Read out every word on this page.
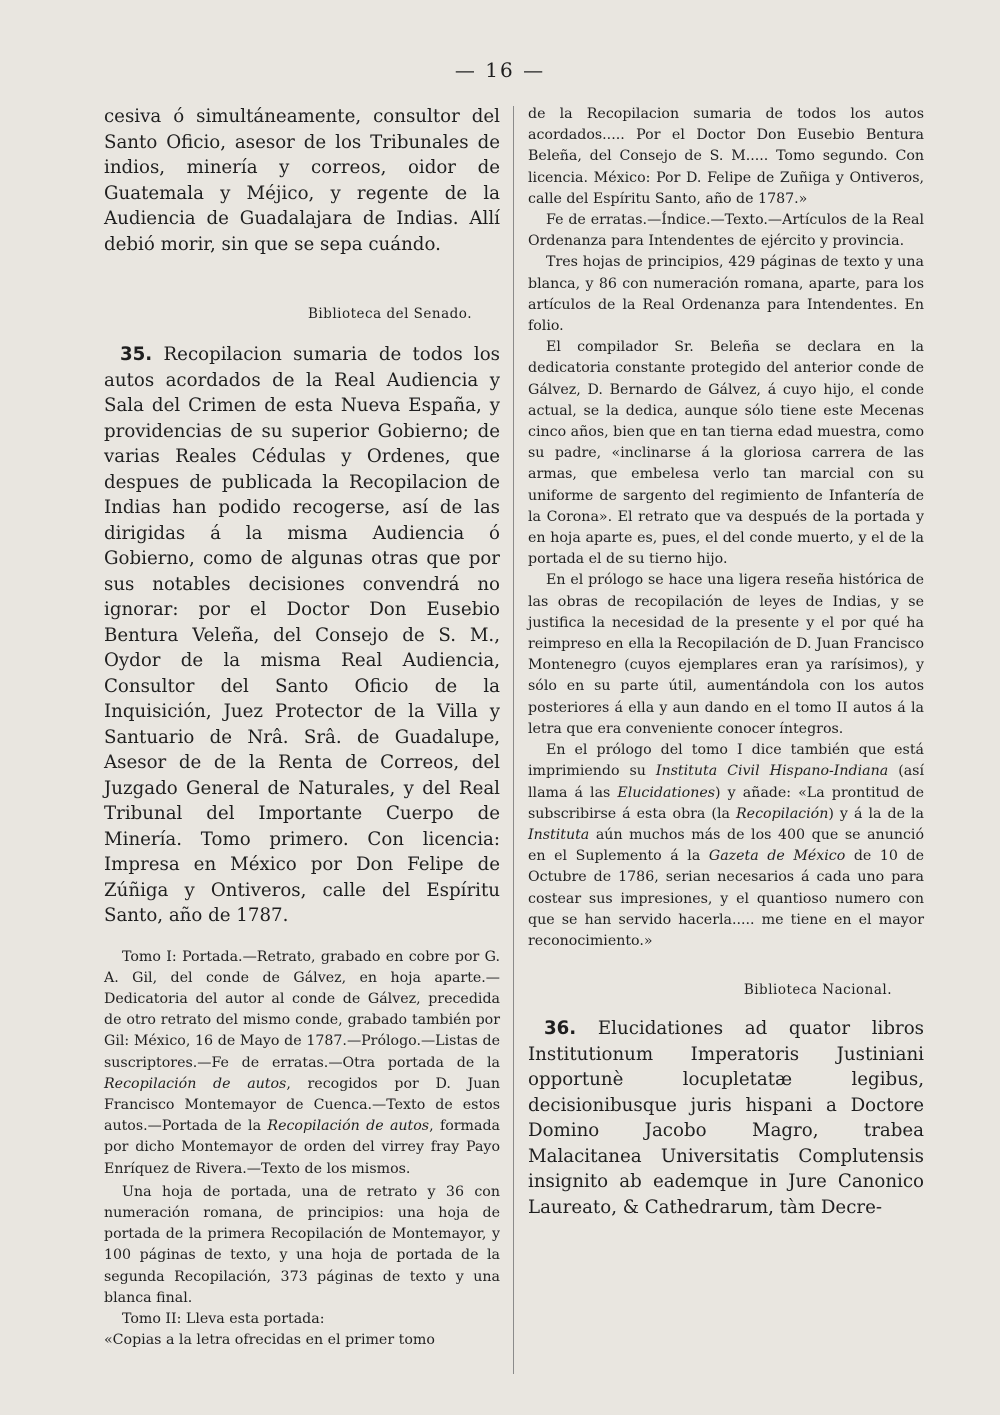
— 16 —

cesiva ó simultáneamente, consultor del Santo Oficio, asesor de los Tribunales de indios, minería y correos, oidor de Guatemala y Méjico, y regente de la Audiencia de Guadalajara de Indias. Allí debió morir, sin que se sepa cuándo.

Biblioteca del Senado.

35. Recopilacion sumaria de todos los autos acordados de la Real Audiencia y Sala del Crimen de esta Nueva España, y providencias de su superior Gobierno; de varias Reales Cédulas y Ordenes, que despues de publicada la Recopilacion de Indias han podido recogerse, así de las dirigidas á la misma Audiencia ó Gobierno, como de algunas otras que por sus notables decisiones convendrá no ignorar: por el Doctor Don Eusebio Bentura Veleña, del Consejo de S. M., Oydor de la misma Real Audiencia, Consultor del Santo Oficio de la Inquisición, Juez Protector de la Villa y Santuario de Nrâ. Srâ. de Guadalupe, Asesor de de la Renta de Correos, del Juzgado General de Naturales, y del Real Tribunal del Importante Cuerpo de Minería. Tomo primero. Con licencia: Impresa en México por Don Felipe de Zúñiga y Ontiveros, calle del Espíritu Santo, año de 1787.

Tomo I: Portada.—Retrato, grabado en cobre por G. A. Gil, del conde de Gálvez, en hoja aparte.—Dedicatoria del autor al conde de Gálvez, precedida de otro retrato del mismo conde, grabado también por Gil: México, 16 de Mayo de 1787.—Prólogo.—Listas de suscriptores.—Fe de erratas.—Otra portada de la Recopilación de autos, recogidos por D. Juan Francisco Montemayor de Cuenca.—Texto de estos autos.—Portada de la Recopilación de autos, formada por dicho Montemayor de orden del virrey fray Payo Enríquez de Rivera.—Texto de los mismos.

Una hoja de portada, una de retrato y 36 con numeración romana, de principios: una hoja de portada de la primera Recopilación de Montemayor, y 100 páginas de texto, y una hoja de portada de la segunda Recopilación, 373 páginas de texto y una blanca final.

Tomo II: Lleva esta portada:

«Copias a la letra ofrecidas en el primer tomo

de la Recopilacion sumaria de todos los autos acordados..... Por el Doctor Don Eusebio Bentura Beleña, del Consejo de S. M..... Tomo segundo. Con licencia. México: Por D. Felipe de Zuñiga y Ontiveros, calle del Espíritu Santo, año de 1787.»

Fe de erratas.—Índice.—Texto.—Artículos de la Real Ordenanza para Intendentes de ejército y provincia.

Tres hojas de principios, 429 páginas de texto y una blanca, y 86 con numeración romana, aparte, para los artículos de la Real Ordenanza para Intendentes. En folio.

El compilador Sr. Beleña se declara en la dedicatoria constante protegido del anterior conde de Gálvez, D. Bernardo de Gálvez, á cuyo hijo, el conde actual, se la dedica, aunque sólo tiene este Mecenas cinco años, bien que en tan tierna edad muestra, como su padre, «inclinarse á la gloriosa carrera de las armas, que embelesa verlo tan marcial con su uniforme de sargento del regimiento de Infantería de la Corona». El retrato que va después de la portada y en hoja aparte es, pues, el del conde muerto, y el de la portada el de su tierno hijo.

En el prólogo se hace una ligera reseña histórica de las obras de recopilación de leyes de Indias, y se justifica la necesidad de la presente y el por qué ha reimpreso en ella la Recopilación de D. Juan Francisco Montenegro (cuyos ejemplares eran ya rarísimos), y sólo en su parte útil, aumentándola con los autos posteriores á ella y aun dando en el tomo II autos á la letra que era conveniente conocer íntegros.

En el prólogo del tomo I dice también que está imprimiendo su Instituta Civil Hispano-Indiana (así llama á las Elucidationes) y añade: «La prontitud de subscribirse á esta obra (la Recopilación) y á la de la Instituta aún muchos más de los 400 que se anunció en el Suplemento á la Gazeta de México de 10 de Octubre de 1786, serian necesarios á cada uno para costear sus impresiones, y el quantioso numero con que se han servido hacerla..... me tiene en el mayor reconocimiento.»

Biblioteca Nacional.

36. Elucidationes ad quator libros Institutionum Imperatoris Justiniani opportunè locupletatæ legibus, decisionibusque juris hispani a Doctore Domino Jacobo Magro, trabea Malacitanea Universitatis Complutensis insignito ab eademque in Jure Canonico Laureato, & Cathedrarum, tàm Decre-
